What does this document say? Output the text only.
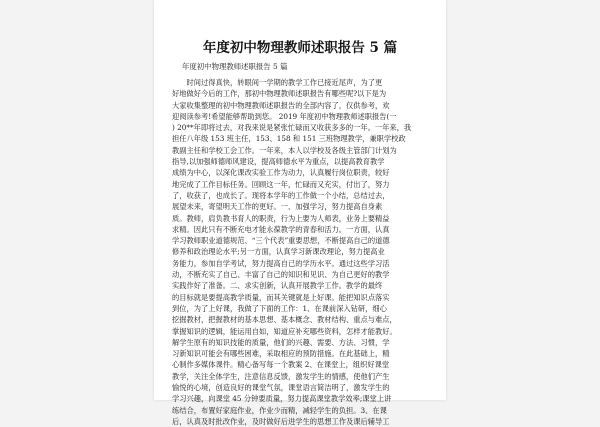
年度初中物理教师述职报告 5 篇

年度初中物理教师述职报告 5 篇

　　时间过得真快，转眼间一学期的教学工作已接近尾声，为了更
好地做好今后的工作，那初中物理教师述职报告有哪些呢?以下是为
大家收集整理的初中物理教师述职报告的全部内容了，仅供参考，欢
迎阅读参考!希望能够帮助到您。 2019 年度初中物理教师述职报告(一
) 20**年即将过去，对我来说是紧张忙碌而又收获多多的一年。一年来，我
担任八年级 153 班主任，153、158 和 151 三班物理教学，兼职学校政
教副主任和学校工会工作。一年来，本人以学校及各级主管部门计划为
指导,以加强师德师风建设，提高师德水平为重点，以提高教育教学
成绩为中心，以深化课改实验工作为动力，认真履行岗位职责，较好
地完成了工作目标任务。回顾这一年，忙碌而又充实，付出了，努力
了，收获了，也成长了。现将本学年的工作做一个小结，总结过去，
展望未来，寄望明天工作的更好。一、加强学习，努力提高自身素
质。教师，肩负教书育人的职责，行为上要为人师表，业务上要精益
求精。因此只有不断充电才能永葆教学的青春和活力。一方面，认真
学习教师职业道德规范、“三个代表”重要思想，不断提高自己的道德
修养和政治理论水平;另一方面，认真学习新课改理论，努力提高业
务能力，参加自学考试，努力提高自己的学历水平。通过这些学习活
动，不断充实了自己、丰富了自己的知识和见识、为自己更好的教学
实践作好了准备。二、求实创新，认真开展教学工作。教学的最终
的目标就是要提高教学质量，而其关键就是上好课。能把知识点落实
到位，为了上好课，我做了下面的工作：1、在课前深入钻研，细心
挖掘教材，把握教材的基本思想、基本概念、教材结构、重点与难点，
掌握知识的逻辑，能运用自如，知道应补充哪些资料，怎样才能教好。
解学生原有的知识技能的质量，他们的兴趣、需要、方法、习惯，学
习新知识可能会有哪些困难，采取相应的预防措施。在此基础上，精
心制作多媒体课件。精心备写每一个教案 2、在课堂上，组织好课堂
教学，关注全体学生，注意信息反馈，激发学生的情感，使他们产生
愉悦的心境，创造良好的课堂气氛，课堂语言简洁明了，激发学生的
学习兴趣，向课堂 45 分钟要质量，努力提高课堂教学效率;课堂上讲
练结合，布置好家庭作业，作业少而精，减轻学生的负担。3、在课
后，认真及时批改作业，及时做好后进学生的思想工作及课后辅导工
